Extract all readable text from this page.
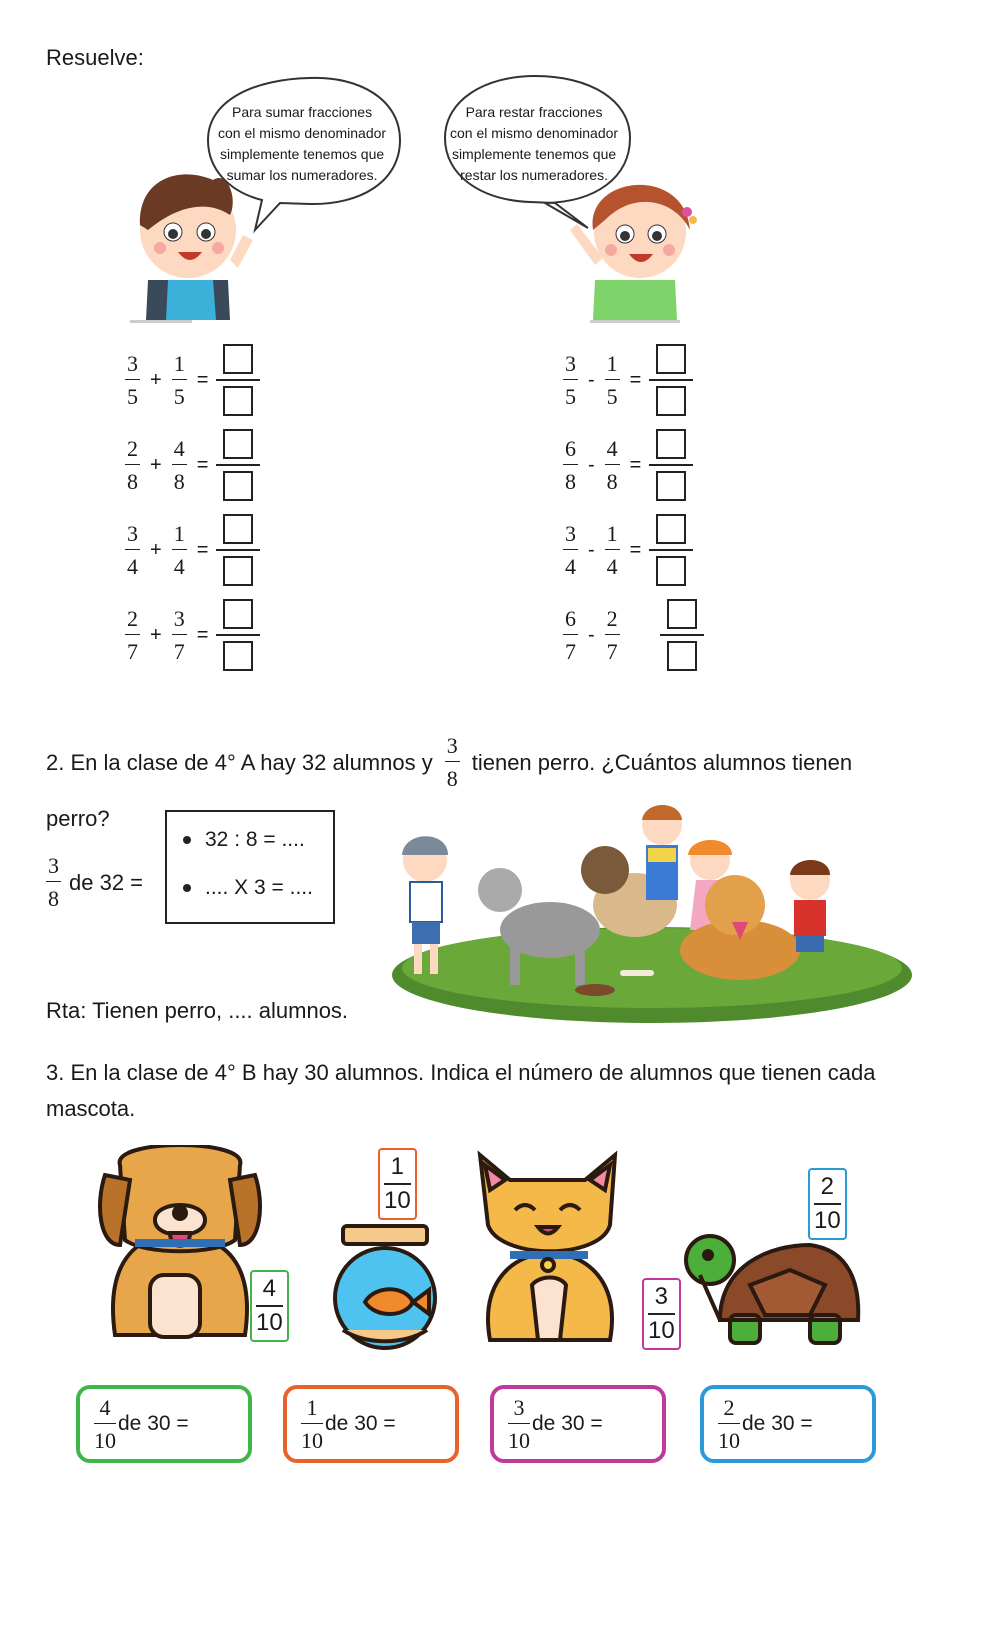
Resuelve:
Para sumar fracciones
con el mismo denominador
simplemente tenemos que
sumar los numeradores.
Para restar fracciones
con el mismo denominador
simplemente tenemos que
restar los numeradores.
3
5
+
1
5
=
2
8
+
4
8
=
3
4
+
1
4
=
2
7
+
3
7
=
3
5
-
1
5
=
6
8
-
4
8
=
3
4
-
1
4
=
6
7
-
2
7
2. En la clase de 4° A hay 32 alumnos y
3
8
tienen perro. ¿Cuántos alumnos tienen
perro?
3
8
de 32 =
32 : 8 = ....
.... X 3 = ....
Rta: Tienen perro, .... alumnos.
3. En la clase de 4° B hay 30 alumnos. Indica el número de alumnos que tienen cada
mascota.
4
10
1
10
3
10
2
10
4
10
de 30 =
1
10
de 30 =
3
10
de 30 =
2
10
de 30 =
